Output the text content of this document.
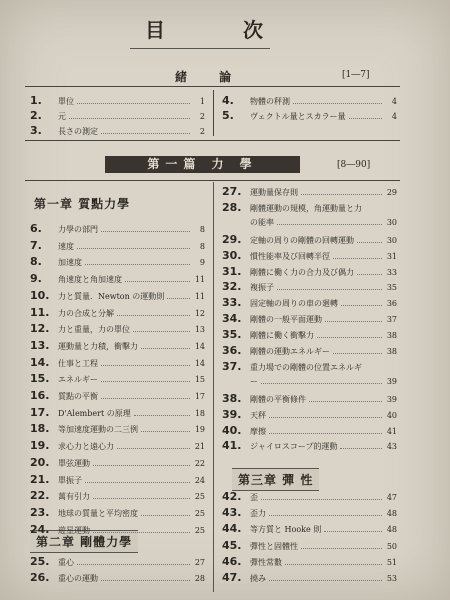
目	次
緒 論	[1―7]
1.	單位	1
2.	元	2
3.	長さの測定	2
4.	物體の秤測	4
5.	ヴェクトル量とスカラー量	4
第一篇 力 學	[8―90]
第一章 質點力學
第二章 剛體力學
第三章 彈 性
6.	力學の部門	8
7.	速度	8
8.	加速度	9
9.	角速度と角加速度	11
10.	力と質量．Newton の運動則	11
11.	力の合成と分解	12
12.	力と重量，力の單位	13
13.	運動量と力積，衝擊力	14
14.	仕事と工程	14
15.	エネルギー	15
16.	質點の平衡	17
17.	D'Alembert の原理	18
18.	等加速度運動の二三例	19
19.	求心力と遠心力	21
20.	單弦運動	22
21.	單振子	24
22.	萬有引力	25
23.	地球の質量と平均密度	25
24.	遊星運動	25
25.	重心	27
26.	重心の運動	28
27.	運動量保存則	29
28.	剛體運動の規模，角運動量と力
の能率	30
29.	定軸の周りの剛體の回轉運動	30
30.	慣性能率及び回轉半徑	31
31.	剛體に働く力の合力及び偶力	33
32.	複振子	35
33.	固定軸の周りの車の廻轉	36
34.	剛體の一般平面運動	37
35.	剛體に働く衝擊力	38
36.	剛體の運動エネルギー	38
37.	重力場での剛體の位置エネルギ
ー	39
38.	剛體の平衡條件	39
39.	天秤	40
40.	摩擦	41
41.	ジャイロスコープ的運動	43
42.	歪	47
43.	歪力	48
44.	等方質と Hooke 則	48
45.	彈性と固體性	50
46.	彈性常數	51
47.	撓み	53
